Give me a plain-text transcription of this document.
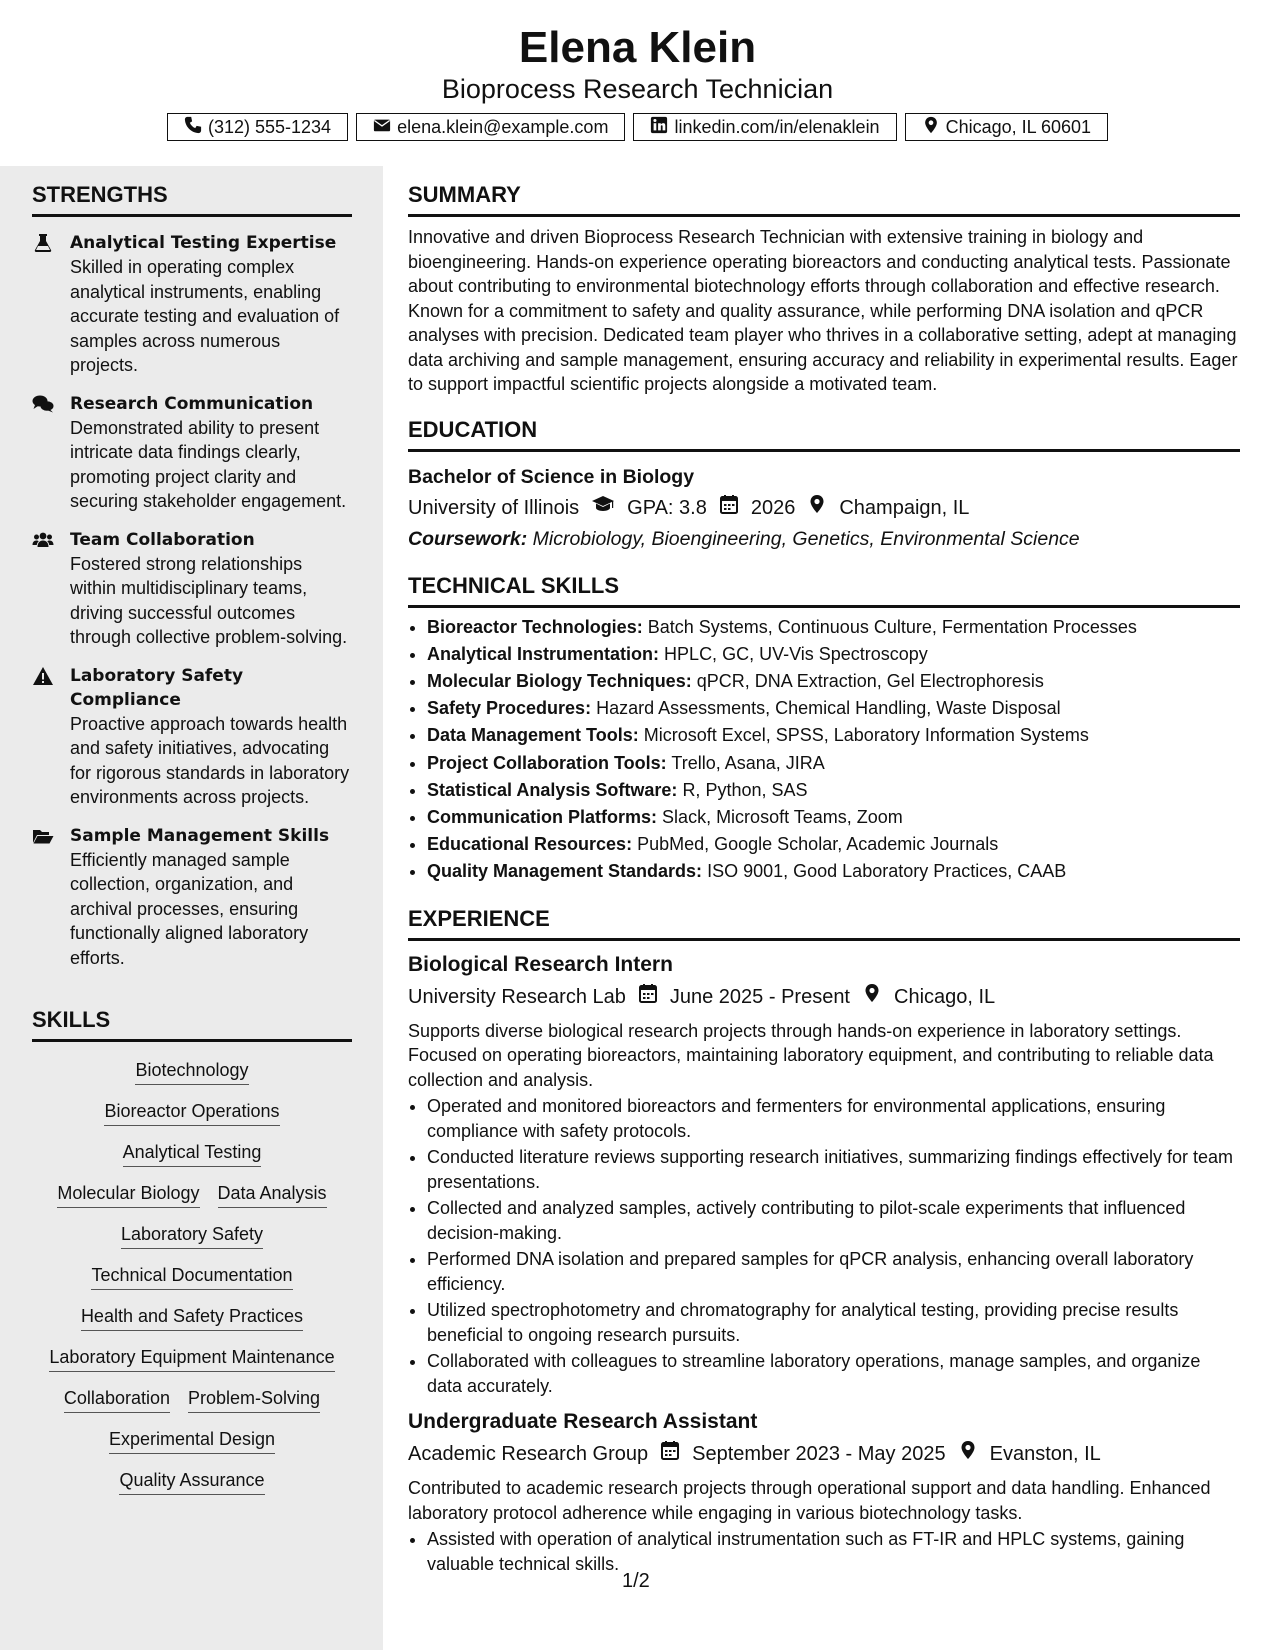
Elena Klein
Bioprocess Research Technician
(312) 555-1234	elena.klein@example.com	linkedin.com/in/elenaklein	Chicago, IL 60601
STRENGTHS
Analytical Testing Expertise
Skilled in operating complex analytical instruments, enabling accurate testing and evaluation of samples across numerous projects.
Research Communication
Demonstrated ability to present intricate data findings clearly, promoting project clarity and securing stakeholder engagement.
Team Collaboration
Fostered strong relationships within multidisciplinary teams, driving successful outcomes through collective problem-solving.
Laboratory Safety Compliance
Proactive approach towards health and safety initiatives, advocating for rigorous standards in laboratory environments across projects.
Sample Management Skills
Efficiently managed sample collection, organization, and archival processes, ensuring functionally aligned laboratory efforts.
SKILLS
Biotechnology
Bioreactor Operations
Analytical Testing
Molecular Biology Data Analysis
Laboratory Safety
Technical Documentation
Health and Safety Practices
Laboratory Equipment Maintenance
Collaboration Problem-Solving
Experimental Design
Quality Assurance
SUMMARY
Innovative and driven Bioprocess Research Technician with extensive training in biology and bioengineering. Hands-on experience operating bioreactors and conducting analytical tests. Passionate about contributing to environmental biotechnology efforts through collaboration and effective research. Known for a commitment to safety and quality assurance, while performing DNA isolation and qPCR analyses with precision. Dedicated team player who thrives in a collaborative setting, adept at managing data archiving and sample management, ensuring accuracy and reliability in experimental results. Eager to support impactful scientific projects alongside a motivated team.
EDUCATION
Bachelor of Science in Biology
University of Illinois GPA: 3.8 2026 Champaign, IL
Coursework: Microbiology, Bioengineering, Genetics, Environmental Science
TECHNICAL SKILLS
• Bioreactor Technologies: Batch Systems, Continuous Culture, Fermentation Processes
• Analytical Instrumentation: HPLC, GC, UV-Vis Spectroscopy
• Molecular Biology Techniques: qPCR, DNA Extraction, Gel Electrophoresis
• Safety Procedures: Hazard Assessments, Chemical Handling, Waste Disposal
• Data Management Tools: Microsoft Excel, SPSS, Laboratory Information Systems
• Project Collaboration Tools: Trello, Asana, JIRA
• Statistical Analysis Software: R, Python, SAS
• Communication Platforms: Slack, Microsoft Teams, Zoom
• Educational Resources: PubMed, Google Scholar, Academic Journals
• Quality Management Standards: ISO 9001, Good Laboratory Practices, CAAB
EXPERIENCE
Biological Research Intern
University Research Lab June 2025 - Present Chicago, IL
Supports diverse biological research projects through hands-on experience in laboratory settings. Focused on operating bioreactors, maintaining laboratory equipment, and contributing to reliable data collection and analysis.
• Operated and monitored bioreactors and fermenters for environmental applications, ensuring compliance with safety protocols.
• Conducted literature reviews supporting research initiatives, summarizing findings effectively for team presentations.
• Collected and analyzed samples, actively contributing to pilot-scale experiments that influenced decision-making.
• Performed DNA isolation and prepared samples for qPCR analysis, enhancing overall laboratory efficiency.
• Utilized spectrophotometry and chromatography for analytical testing, providing precise results beneficial to ongoing research pursuits.
• Collaborated with colleagues to streamline laboratory operations, manage samples, and organize data accurately.
Undergraduate Research Assistant
Academic Research Group September 2023 - May 2025 Evanston, IL
Contributed to academic research projects through operational support and data handling. Enhanced laboratory protocol adherence while engaging in various biotechnology tasks.
• Assisted with operation of analytical instrumentation such as FT-IR and HPLC systems, gaining valuable technical skills.
1/2
